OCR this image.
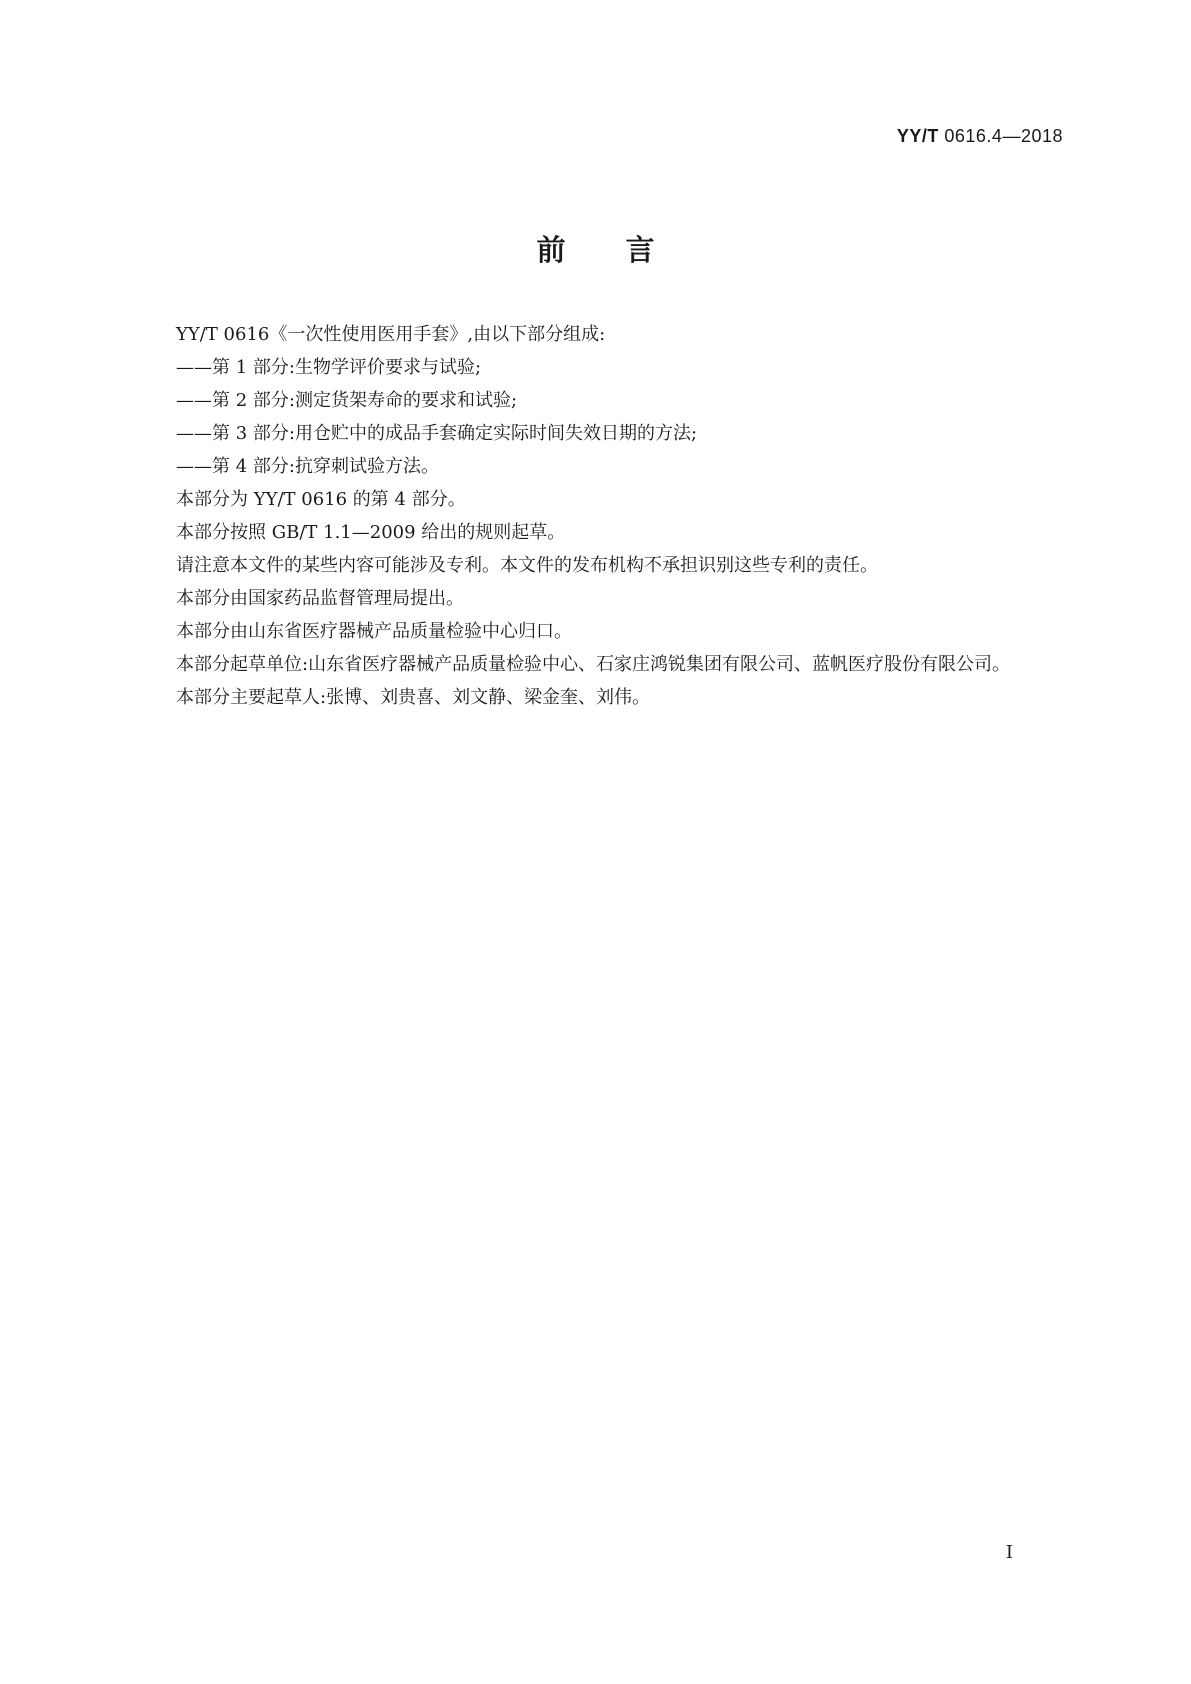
YY/T 0616.4—2018
前言

YY/T 0616《一次性使用医用手套》,由以下部分组成:

——第 1 部分:生物学评价要求与试验;

——第 2 部分:测定货架寿命的要求和试验;

——第 3 部分:用仓贮中的成品手套确定实际时间失效日期的方法;

——第 4 部分:抗穿刺试验方法。

本部分为 YY/T 0616 的第 4 部分。

本部分按照 GB/T 1.1—2009 给出的规则起草。

请注意本文件的某些内容可能涉及专利。本文件的发布机构不承担识别这些专利的责任。

本部分由国家药品监督管理局提出。

本部分由山东省医疗器械产品质量检验中心归口。

本部分起草单位:山东省医疗器械产品质量检验中心、石家庄鸿锐集团有限公司、蓝帆医疗股份有限公司。

本部分主要起草人:张博、刘贵喜、刘文静、梁金奎、刘伟。

I
